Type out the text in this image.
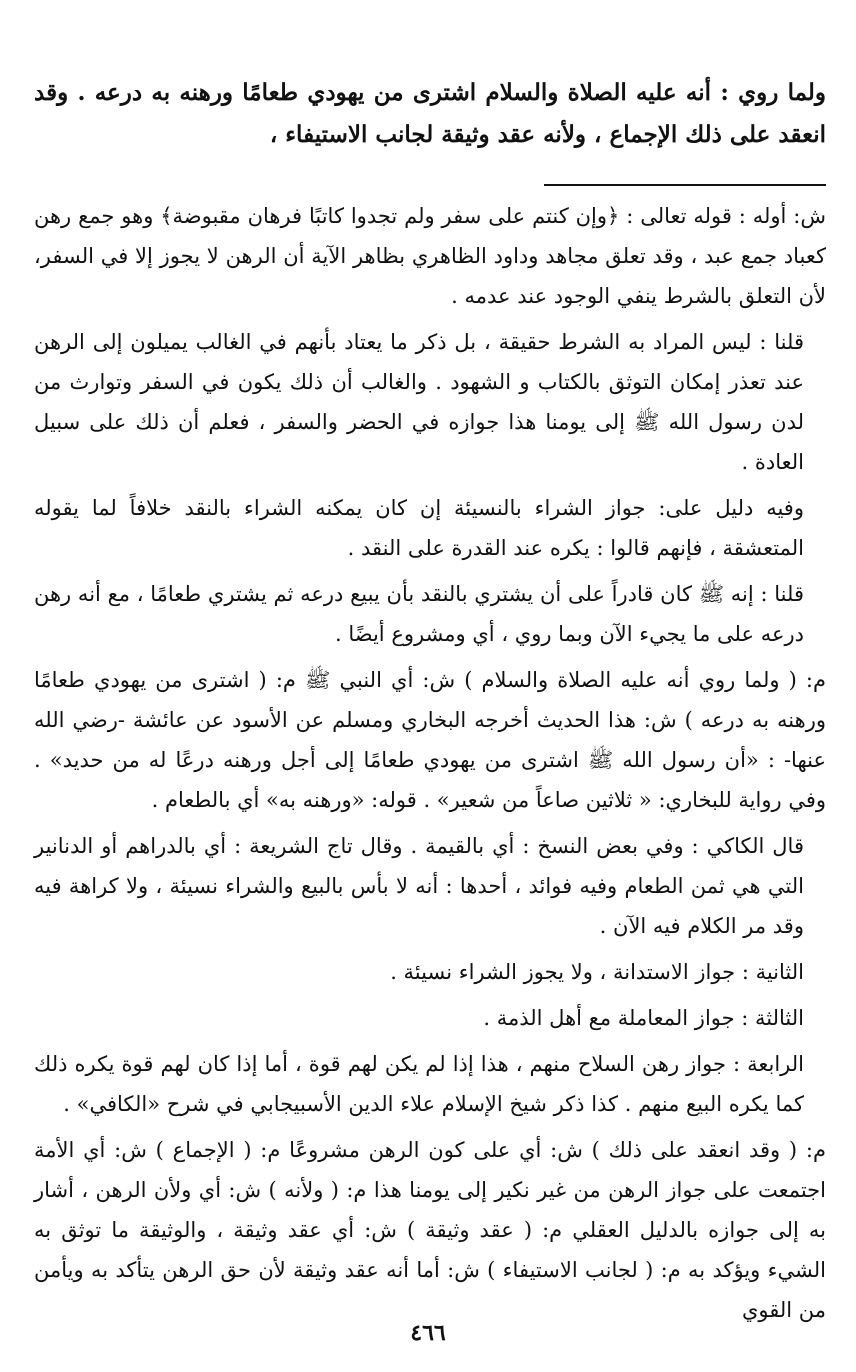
ولما روي : أنه عليه الصلاة والسلام اشترى من يهودي طعامًا ورهنه به درعه . وقد انعقد على ذلك الإجماع ، ولأنه عقد وثيقة لجانب الاستيفاء ،

ش: أوله : قوله تعالى : ﴿وإن كنتم على سفر ولم تجدوا كاتبًا فرهان مقبوضة﴾ وهو جمع رهن كعباد جمع عبد ، وقد تعلق مجاهد وداود الظاهري بظاهر الآية أن الرهن لا يجوز إلا في السفر، لأن التعلق بالشرط ينفي الوجود عند عدمه .

قلنا : ليس المراد به الشرط حقيقة ، بل ذكر ما يعتاد بأنهم في الغالب يميلون إلى الرهن عند تعذر إمكان التوثق بالكتاب و الشهود . والغالب أن ذلك يكون في السفر وتوارث من لدن رسول الله ﷺ إلى يومنا هذا جوازه في الحضر والسفر ، فعلم أن ذلك على سبيل العادة .

وفيه دليل على: جواز الشراء بالنسيئة إن كان يمكنه الشراء بالنقد خلافاً لما يقوله المتعشقة ، فإنهم قالوا : يكره عند القدرة على النقد .

قلنا : إنه ﷺ كان قادراً على أن يشتري بالنقد بأن يبيع درعه ثم يشتري طعامًا ، مع أنه رهن درعه على ما يجيء الآن وبما روي ، أي ومشروع أيضًا .

م: ( ولما روي أنه عليه الصلاة والسلام ) ش: أي النبي ﷺ م: ( اشترى من يهودي طعامًا ورهنه به درعه ) ش: هذا الحديث أخرجه البخاري ومسلم عن الأسود عن عائشة -رضي الله عنها- : «أن رسول الله ﷺ اشترى من يهودي طعامًا إلى أجل ورهنه درعًا له من حديد» . وفي رواية للبخاري: « ثلاثين صاعاً من شعير» . قوله: «ورهنه به» أي بالطعام .

قال الكاكي : وفي بعض النسخ : أي بالقيمة . وقال تاج الشريعة : أي بالدراهم أو الدنانير التي هي ثمن الطعام وفيه فوائد ، أحدها : أنه لا بأس بالبيع والشراء نسيئة ، ولا كراهة فيه وقد مر الكلام فيه الآن .

الثانية : جواز الاستدانة ، ولا يجوز الشراء نسيئة .

الثالثة : جواز المعاملة مع أهل الذمة .

الرابعة : جواز رهن السلاح منهم ، هذا إذا لم يكن لهم قوة ، أما إذا كان لهم قوة يكره ذلك كما يكره البيع منهم . كذا ذكر شيخ الإسلام علاء الدين الأسبيجابي في شرح «الكافي» .

م: ( وقد انعقد على ذلك ) ش: أي على كون الرهن مشروعًا م: ( الإجماع ) ش: أي الأمة اجتمعت على جواز الرهن من غير نكير إلى يومنا هذا م: ( ولأنه ) ش: أي ولأن الرهن ، أشار به إلى جوازه بالدليل العقلي م: ( عقد وثيقة ) ش: أي عقد وثيقة ، والوثيقة ما توثق به الشيء ويؤكد به م: ( لجانب الاستيفاء ) ش: أما أنه عقد وثيقة لأن حق الرهن يتأكد به ويأمن من القوي

٤٦٦
